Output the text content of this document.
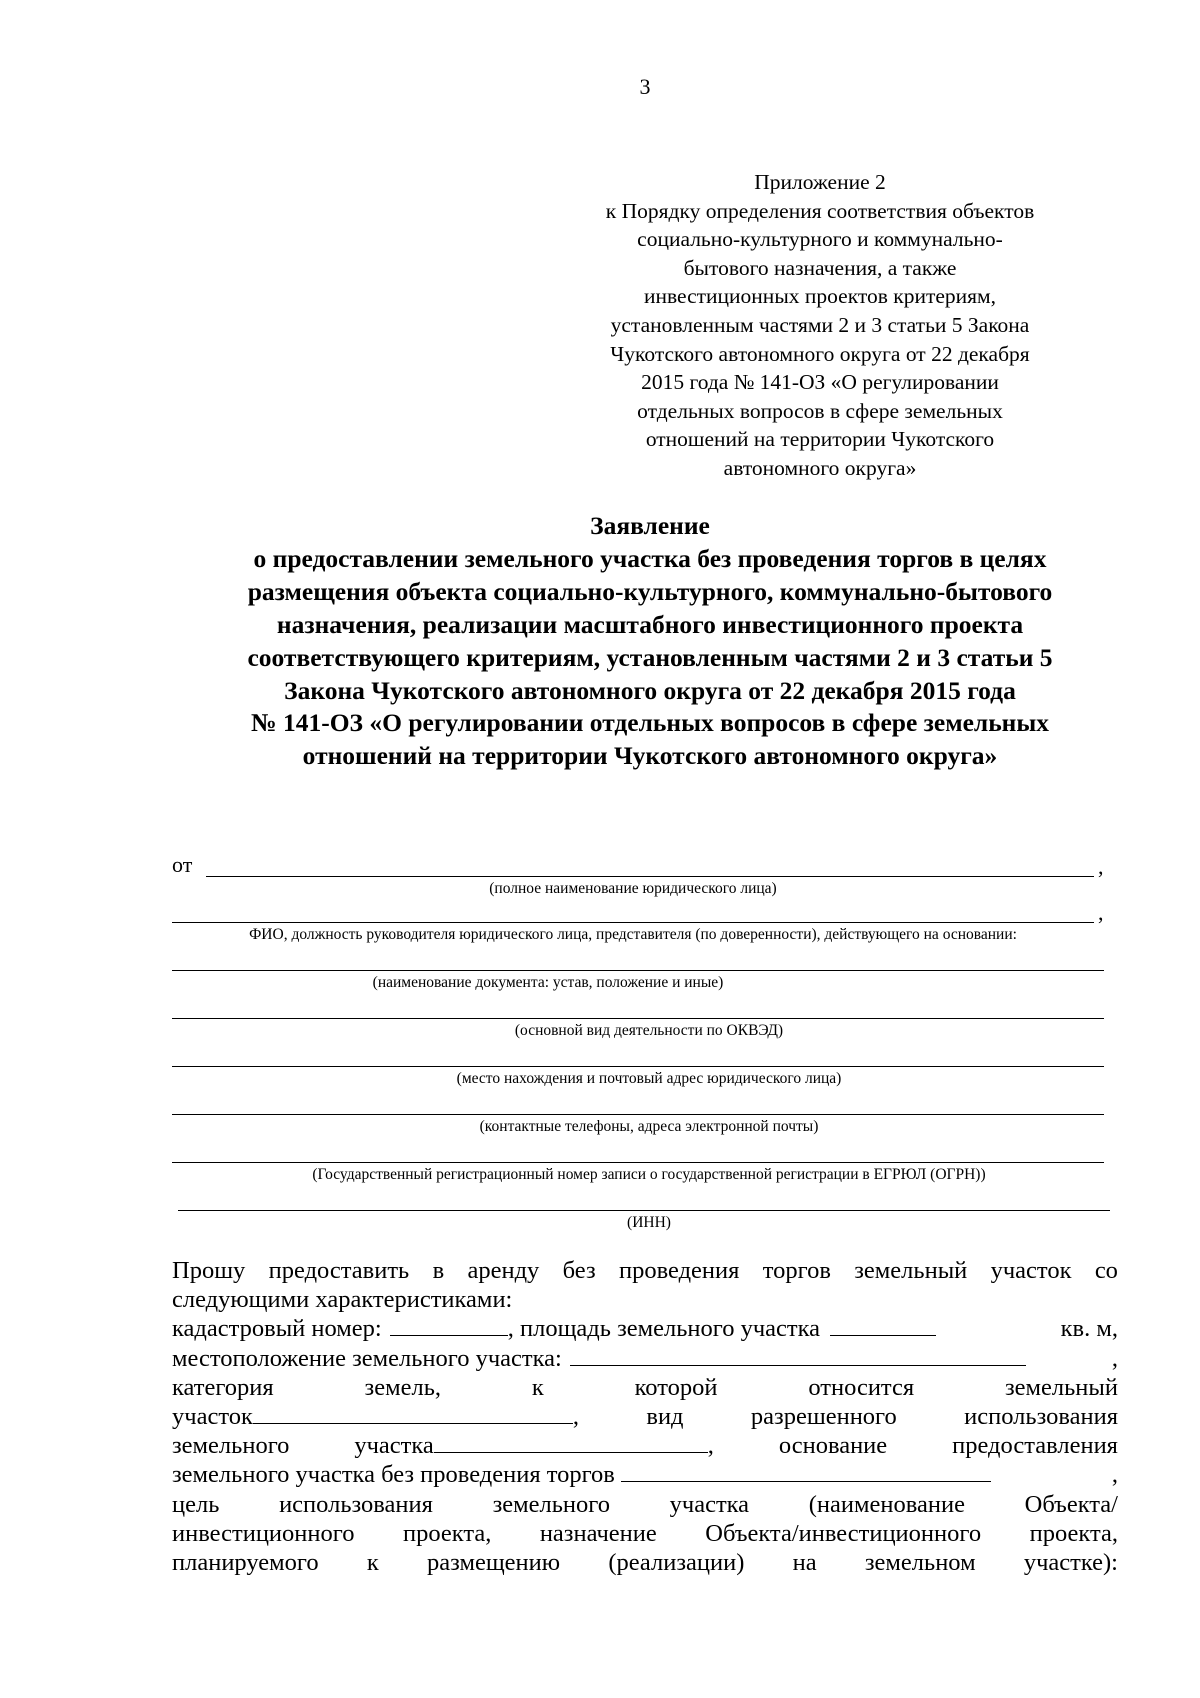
3
Приложение 2
к Порядку определения соответствия объектов
социально-культурного и коммунально-
бытового назначения, а также
инвестиционных проектов критериям,
установленным частями 2 и 3 статьи 5 Закона
Чукотского автономного округа от 22 декабря
2015 года № 141-ОЗ «О регулировании
отдельных вопросов в сфере земельных
отношений на территории Чукотского
автономного округа»
Заявление
о предоставлении земельного участка без проведения торгов в целях
размещения объекта социально-культурного, коммунально-бытового
назначения, реализации масштабного инвестиционного проекта
соответствующего критериям, установленным частями 2 и 3 статьи 5
Закона Чукотского автономного округа от 22 декабря 2015 года
№ 141-ОЗ «О регулировании отдельных вопросов в сфере земельных
отношений на территории Чукотского автономного округа»
от	,
(полное наименование юридического лица)
,
ФИО, должность руководителя юридического лица, представителя (по доверенности), действующего на основании:
(наименование документа: устав, положение и иные)
(основной вид деятельности по ОКВЭД)
(место нахождения и почтовый адрес юридического лица)
(контактные телефоны, адреса электронной почты)
(Государственный регистрационный номер записи о государственной регистрации в ЕГРЮЛ (ОГРН))
(ИНН)
Прошу предоставить в аренду без проведения торгов земельный участок со
следующими характеристиками:
кадастровый номер:	, площадь земельного участка	кв. м,
местоположение земельного участка:	,
категория	земель,	к	которой	относится	земельный
участок	,	вид	разрешенного	использования
земельного	участка	,	основание	предоставления
земельного участка без проведения торгов	,
цель использования земельного участка (наименование Объекта/
инвестиционного проекта, назначение Объекта/инвестиционного проекта,
планируемого к размещению (реализации) на земельном участке):
